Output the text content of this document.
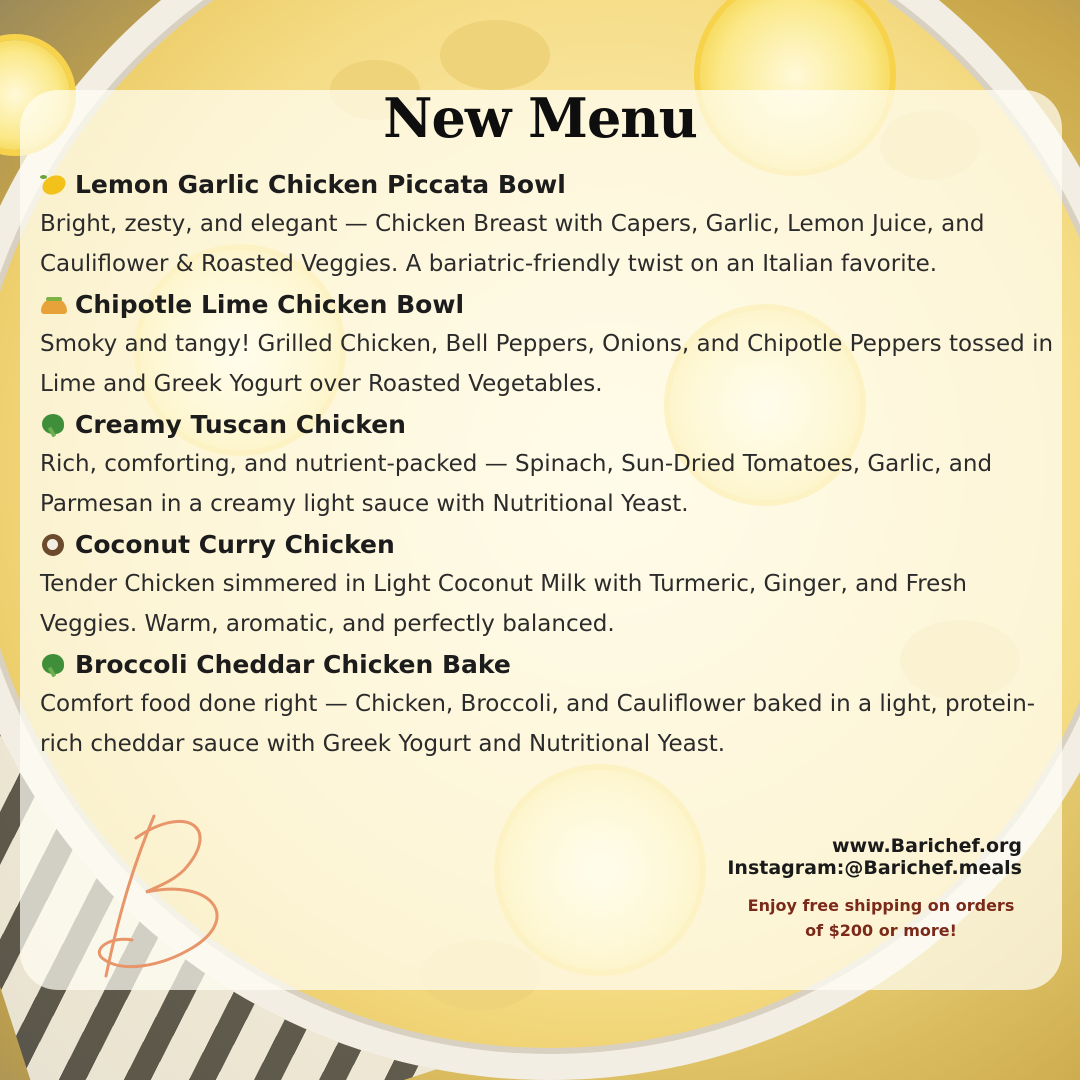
New Menu
Lemon Garlic Chicken Piccata Bowl
Bright, zesty, and elegant — Chicken Breast with Capers, Garlic, Lemon Juice, and Cauliflower & Roasted Veggies. A bariatric-friendly twist on an Italian favorite.
Chipotle Lime Chicken Bowl
Smoky and tangy! Grilled Chicken, Bell Peppers, Onions, and Chipotle Peppers tossed in Lime and Greek Yogurt over Roasted Vegetables.
Creamy Tuscan Chicken
Rich, comforting, and nutrient-packed — Spinach, Sun-Dried Tomatoes, Garlic, and Parmesan in a creamy light sauce with Nutritional Yeast.
Coconut Curry Chicken
Tender Chicken simmered in Light Coconut Milk with Turmeric, Ginger, and Fresh Veggies. Warm, aromatic, and perfectly balanced.
Broccoli Cheddar Chicken Bake
Comfort food done right — Chicken, Broccoli, and Cauliflower baked in a light, protein-rich cheddar sauce with Greek Yogurt and Nutritional Yeast.
www.Barichef.org
Instagram:@Barichef.meals
Enjoy free shipping on orders
of $200 or more!
